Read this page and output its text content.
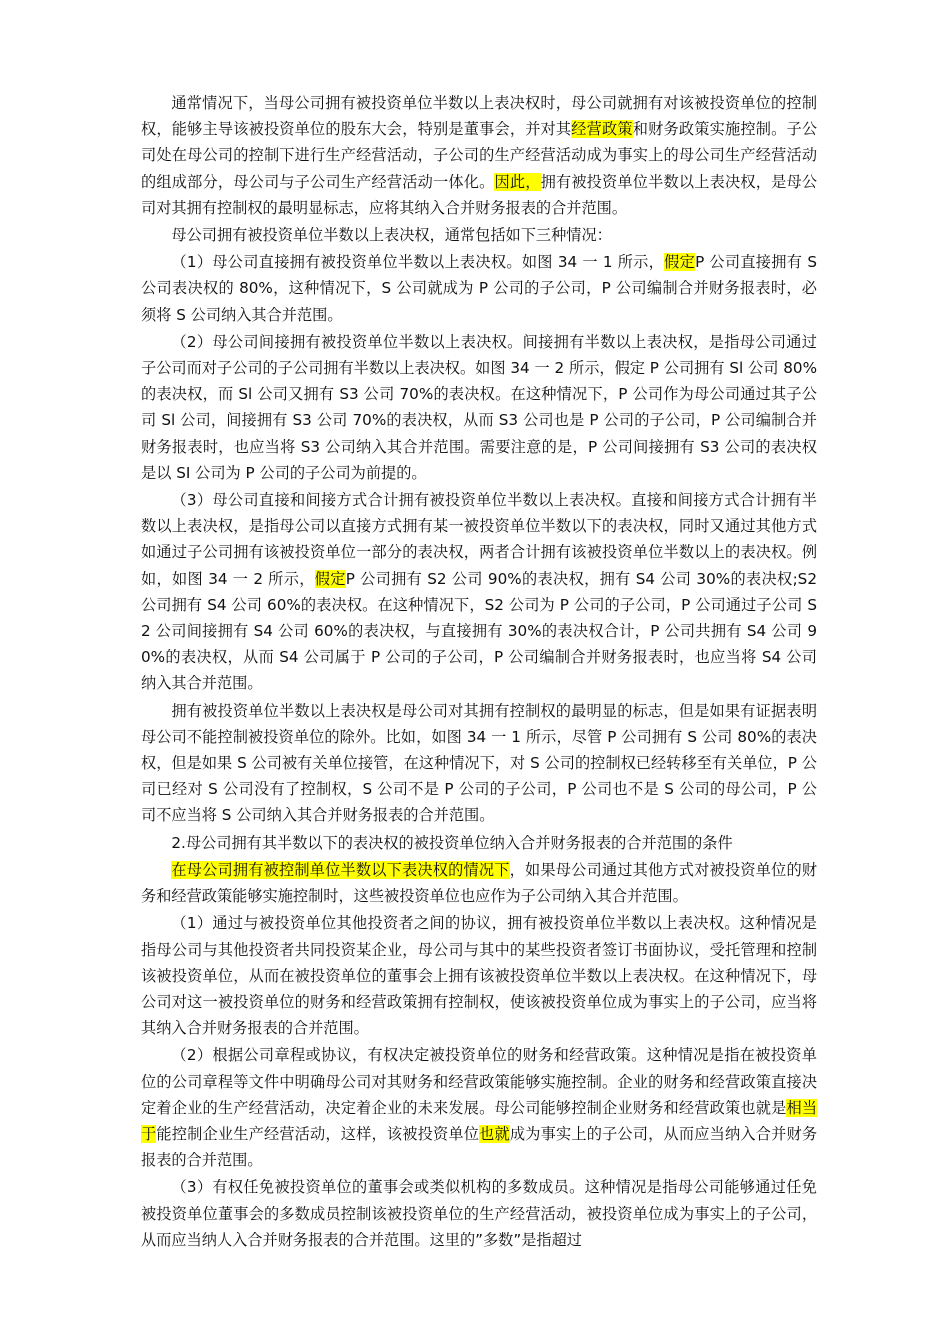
通常情况下，当母公司拥有被投资单位半数以上表决权时，母公司就拥有对该被投资单位的控制权，能够主导该被投资单位的股东大会，特别是董事会，并对其经营政策和财务政策实施控制。子公司处在母公司的控制下进行生产经营活动，子公司的生产经营活动成为事实上的母公司生产经营活动的组成部分，母公司与子公司生产经营活动一体化。因此，拥有被投资单位半数以上表决权，是母公司对其拥有控制权的最明显标志，应将其纳入合并财务报表的合并范围。

母公司拥有被投资单位半数以上表决权，通常包括如下三种情况：

（1）母公司直接拥有被投资单位半数以上表决权。如图 34 一 1 所示，假定P 公司直接拥有 S 公司表决权的 80%，这种情况下，S 公司就成为 P 公司的子公司，P 公司编制合并财务报表时，必须将 S 公司纳入其合并范围。

（2）母公司间接拥有被投资单位半数以上表决权。间接拥有半数以上表决权，是指母公司通过子公司而对子公司的子公司拥有半数以上表决权。如图 34 一 2 所示，假定 P 公司拥有 Sl 公司 80%的表决权，而 Sl 公司又拥有 S3 公司 70%的表决权。在这种情况下，P 公司作为母公司通过其子公司 Sl 公司，间接拥有 S3 公司 70%的表决权，从而 S3 公司也是 P 公司的子公司，P 公司编制合并财务报表时，也应当将 S3 公司纳入其合并范围。需要注意的是，P 公司间接拥有 S3 公司的表决权是以 SI 公司为 P 公司的子公司为前提的。

（3）母公司直接和间接方式合计拥有被投资单位半数以上表决权。直接和间接方式合计拥有半数以上表决权，是指母公司以直接方式拥有某一被投资单位半数以下的表决权，同时又通过其他方式如通过子公司拥有该被投资单位一部分的表决权，两者合计拥有该被投资单位半数以上的表决权。例如，如图 34 一 2 所示，假定P 公司拥有 S2 公司 90%的表决权，拥有 S4 公司 30%的表决权;S2 公司拥有 S4 公司 60%的表决权。在这种情况下，S2 公司为 P 公司的子公司，P 公司通过子公司 S2 公司间接拥有 S4 公司 60%的表决权，与直接拥有 30%的表决权合计，P 公司共拥有 S4 公司 90%的表决权，从而 S4 公司属于 P 公司的子公司，P 公司编制合并财务报表时，也应当将 S4 公司纳入其合并范围。

拥有被投资单位半数以上表决权是母公司对其拥有控制权的最明显的标志，但是如果有证据表明母公司不能控制被投资单位的除外。比如，如图 34 一 1 所示，尽管 P 公司拥有 S 公司 80%的表决权，但是如果 S 公司被有关单位接管，在这种情况下，对 S 公司的控制权已经转移至有关单位，P 公司已经对 S 公司没有了控制权，S 公司不是 P 公司的子公司，P 公司也不是 S 公司的母公司，P 公司不应当将 S 公司纳入其合并财务报表的合并范围。

2.母公司拥有其半数以下的表决权的被投资单位纳入合并财务报表的合并范围的条件

在母公司拥有被控制单位半数以下表决权的情况下，如果母公司通过其他方式对被投资单位的财务和经营政策能够实施控制时，这些被投资单位也应作为子公司纳入其合并范围。

（1）通过与被投资单位其他投资者之间的协议，拥有被投资单位半数以上表决权。这种情况是指母公司与其他投资者共同投资某企业，母公司与其中的某些投资者签订书面协议，受托管理和控制该被投资单位，从而在被投资单位的董事会上拥有该被投资单位半数以上表决权。在这种情况下，母公司对这一被投资单位的财务和经营政策拥有控制权，使该被投资单位成为事实上的子公司，应当将其纳入合并财务报表的合并范围。

（2）根据公司章程或协议，有权决定被投资单位的财务和经营政策。这种情况是指在被投资单位的公司章程等文件中明确母公司对其财务和经营政策能够实施控制。企业的财务和经营政策直接决定着企业的生产经营活动，决定着企业的未来发展。母公司能够控制企业财务和经营政策也就是相当于能控制企业生产经营活动，这样，该被投资单位也就成为事实上的子公司，从而应当纳入合并财务报表的合并范围。

（3）有权任免被投资单位的董事会或类似机构的多数成员。这种情况是指母公司能够通过任免被投资单位董事会的多数成员控制该被投资单位的生产经营活动，被投资单位成为事实上的子公司，从而应当纳人入合并财务报表的合并范围。这里的”多数”是指超过
